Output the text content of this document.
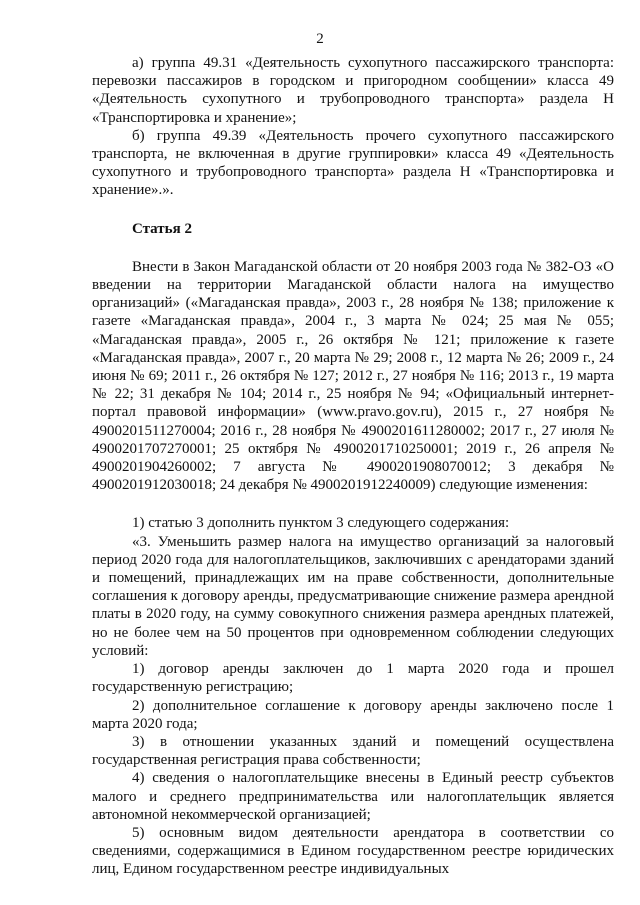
2

а) группа 49.31 «Деятельность сухопутного пассажирского транспорта: перевозки пассажиров в городском и пригородном сообщении» класса 49 «Деятельность сухопутного и трубопроводного транспорта» раздела H «Транспортировка и хранение»;

б) группа 49.39 «Деятельность прочего сухопутного пассажирского транспорта, не включенная в другие группировки» класса 49 «Деятельность сухопутного и трубопроводного транспорта» раздела H «Транспортировка и хранение».».

Статья 2

Внести в Закон Магаданской области от 20 ноября 2003 года № 382-ОЗ «О введении на территории Магаданской области налога на имущество организаций» («Магаданская правда», 2003 г., 28 ноября № 138; приложение к газете «Магаданская правда», 2004 г., 3 марта № 024; 25 мая № 055; «Магаданская правда», 2005 г., 26 октября № 121; приложение к газете «Магаданская правда», 2007 г., 20 марта № 29; 2008 г., 12 марта № 26; 2009 г., 24 июня № 69; 2011 г., 26 октября № 127; 2012 г., 27 ноября № 116; 2013 г., 19 марта № 22; 31 декабря № 104; 2014 г., 25 ноября № 94; «Официальный интернет-портал правовой информации» (www.pravo.gov.ru), 2015 г., 27 ноября № 4900201511270004; 2016 г., 28 ноября № 4900201611280002; 2017 г., 27 июля № 4900201707270001; 25 октября № 4900201710250001; 2019 г., 26 апреля № 4900201904260002; 7 августа № 4900201908070012; 3 декабря № 4900201912030018; 24 декабря № 4900201912240009) следующие изменения:

1) статью 3 дополнить пунктом 3 следующего содержания:

«3. Уменьшить размер налога на имущество организаций за налоговый период 2020 года для налогоплательщиков, заключивших с арендаторами зданий и помещений, принадлежащих им на праве собственности, дополнительные соглашения к договору аренды, предусматривающие снижение размера арендной платы в 2020 году, на сумму совокупного снижения размера арендных платежей, но не более чем на 50 процентов при одновременном соблюдении следующих условий:

1) договор аренды заключен до 1 марта 2020 года и прошел государственную регистрацию;

2) дополнительное соглашение к договору аренды заключено после 1 марта 2020 года;

3) в отношении указанных зданий и помещений осуществлена государственная регистрация права собственности;

4) сведения о налогоплательщике внесены в Единый реестр субъектов малого и среднего предпринимательства или налогоплательщик является автономной некоммерческой организацией;

5) основным видом деятельности арендатора в соответствии со сведениями, содержащимися в Едином государственном реестре юридических лиц, Едином государственном реестре индивидуальных
